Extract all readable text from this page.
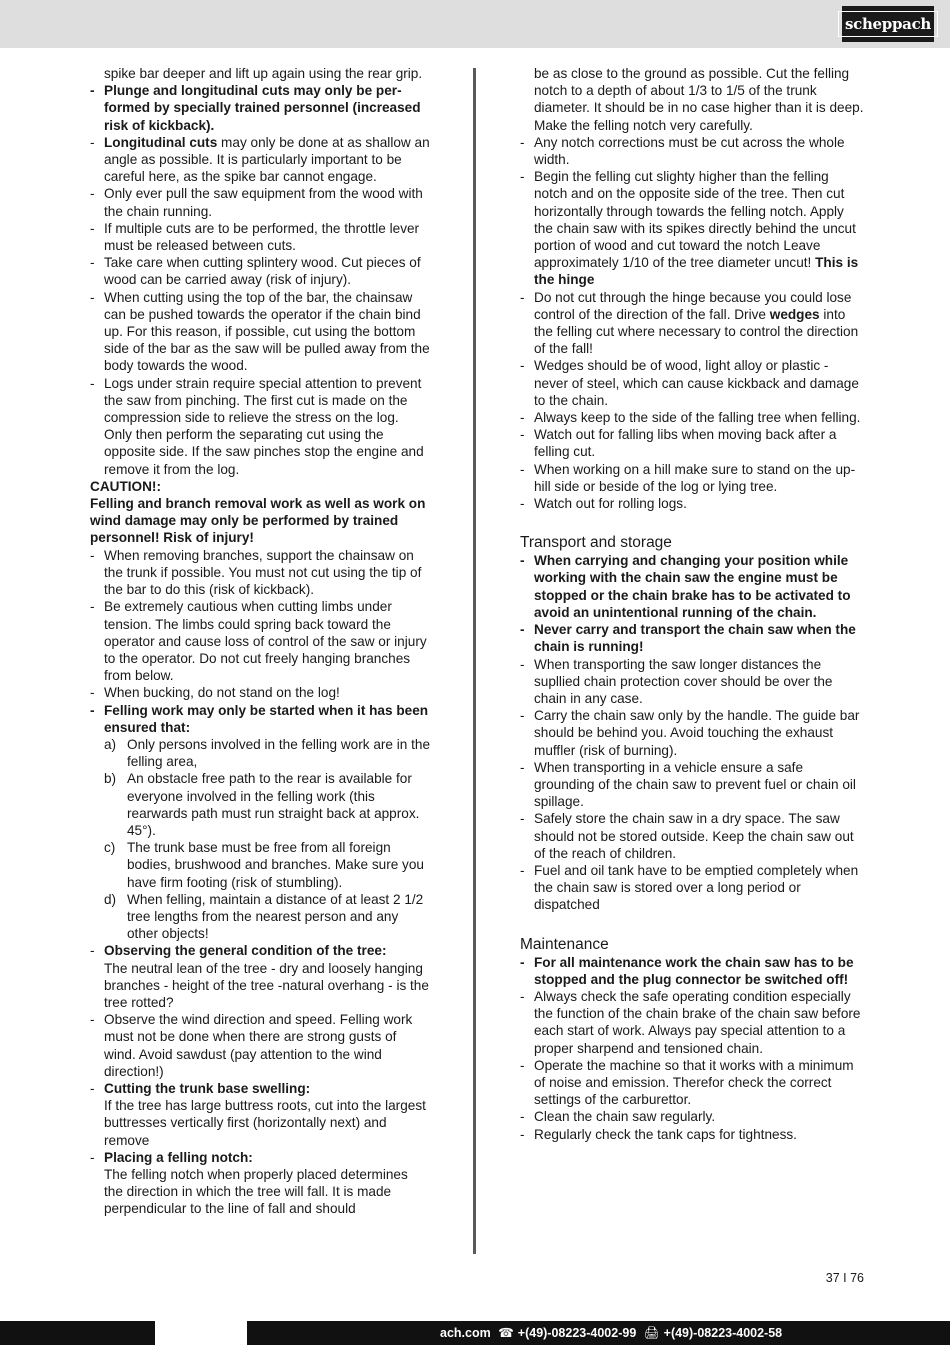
scheppach
spike bar deeper and lift up again using the rear grip.
- Plunge and longitudinal cuts may only be performed by specially trained personnel (increased risk of kickback).
- Longitudinal cuts may only be done at as shallow an angle as possible. It is particularly important to be careful here, as the spike bar cannot engage.
- Only ever pull the saw equipment from the wood with the chain running.
- If multiple cuts are to be performed, the throttle lever must be released between cuts.
- Take care when cutting splintery wood. Cut pieces of wood can be carried away (risk of injury).
- When cutting using the top of the bar, the chainsaw can be pushed towards the operator if the chain bind up. For this reason, if possible, cut using the bottom side of the bar as the saw will be pulled away from the body towards the wood.
- Logs under strain require special attention to prevent the saw from pinching. The first cut is made on the compression side to relieve the stress on the log. Only then perform the separating cut using the opposite side. If the saw pinches stop the engine and remove it from the log.
CAUTION!:
Felling and branch removal work as well as work on wind damage may only be performed by trained personnel! Risk of injury!
- When removing branches, support the chainsaw on the trunk if possible. You must not cut using the tip of the bar to do this (risk of kickback).
- Be extremely cautious when cutting limbs under tension. The limbs could spring back toward the operator and cause loss of control of the saw or injury to the operator. Do not cut freely hanging branches from below.
- When bucking, do not stand on the log!
- Felling work may only be started when it has been ensured that:
a) Only persons involved in the felling work are in the felling area,
b) An obstacle free path to the rear is available for everyone involved in the felling work (this rearwards path must run straight back at approx. 45°).
c) The trunk base must be free from all foreign bodies, brushwood and branches. Make sure you have firm footing (risk of stumbling).
d) When felling, maintain a distance of at least 2 1/2 tree lengths from the nearest person and any other objects!
- Observing the general condition of the tree:
The neutral lean of the tree - dry and loosely hanging branches - height of the tree -natural overhang - is the tree rotted?
- Observe the wind direction and speed. Felling work must not be done when there are strong gusts of wind. Avoid sawdust (pay attention to the wind direction!)
- Cutting the trunk base swelling:
If the tree has large buttress roots, cut into the largest buttresses vertically first (horizontally next) and remove
- Placing a felling notch:
The felling notch when properly placed determines the direction in which the tree will fall. It is made perpendicular to the line of fall and should
be as close to the ground as possible. Cut the felling notch to a depth of about 1/3 to 1/5 of the trunk diameter. It should be in no case higher than it is deep. Make the felling notch very carefully.
- Any notch corrections must be cut across the whole width.
- Begin the felling cut slighty higher than the felling notch and on the opposite side of the tree. Then cut horizontally through towards the felling notch. Apply the chain saw with its spikes directly behind the uncut portion of wood and cut toward the notch Leave approximately 1/10 of the tree diameter uncut! This is the hinge
- Do not cut through the hinge because you could lose control of the direction of the fall. Drive wedges into the felling cut where necessary to control the direction of the fall!
- Wedges should be of wood, light alloy or plastic - never of steel, which can cause kickback and damage to the chain.
- Always keep to the side of the falling tree when felling.
- Watch out for falling libs when moving back after a felling cut.
- When working on a hill make sure to stand on the up-hill side or beside of the log or lying tree.
- Watch out for rolling logs.
Transport and storage
- When carrying and changing your position while working with the chain saw the engine must be stopped or the chain brake has to be activated to avoid an unintentional running of the chain.
- Never carry and transport the chain saw when the chain is running!
- When transporting the saw longer distances the supllied chain protection cover should be over the chain in any case.
- Carry the chain saw only by the handle. The guide bar should be behind you. Avoid touching the exhaust muffler (risk of burning).
- When transporting in a vehicle ensure a safe grounding of the chain saw to prevent fuel or chain oil spillage.
- Safely store the chain saw in a dry space. The saw should not be stored outside. Keep the chain saw out of the reach of children.
- Fuel and oil tank have to be emptied completely when the chain saw is stored over a long period or dispatched
Maintenance
- For all maintenance work the chain saw has to be stopped and the plug connector be switched off!
- Always check the safe operating condition especially the function of the chain brake of the chain saw before each start of work. Always pay special attention to a proper sharpend and tensioned chain.
- Operate the machine so that it works with a minimum of noise and emission. Therefor check the correct settings of the carburettor.
- Clean the chain saw regularly.
- Regularly check the tank caps for tightness.
37 I 76
ach.com ☎ +(49)-08223-4002-99 🖨 +(49)-08223-4002-58
